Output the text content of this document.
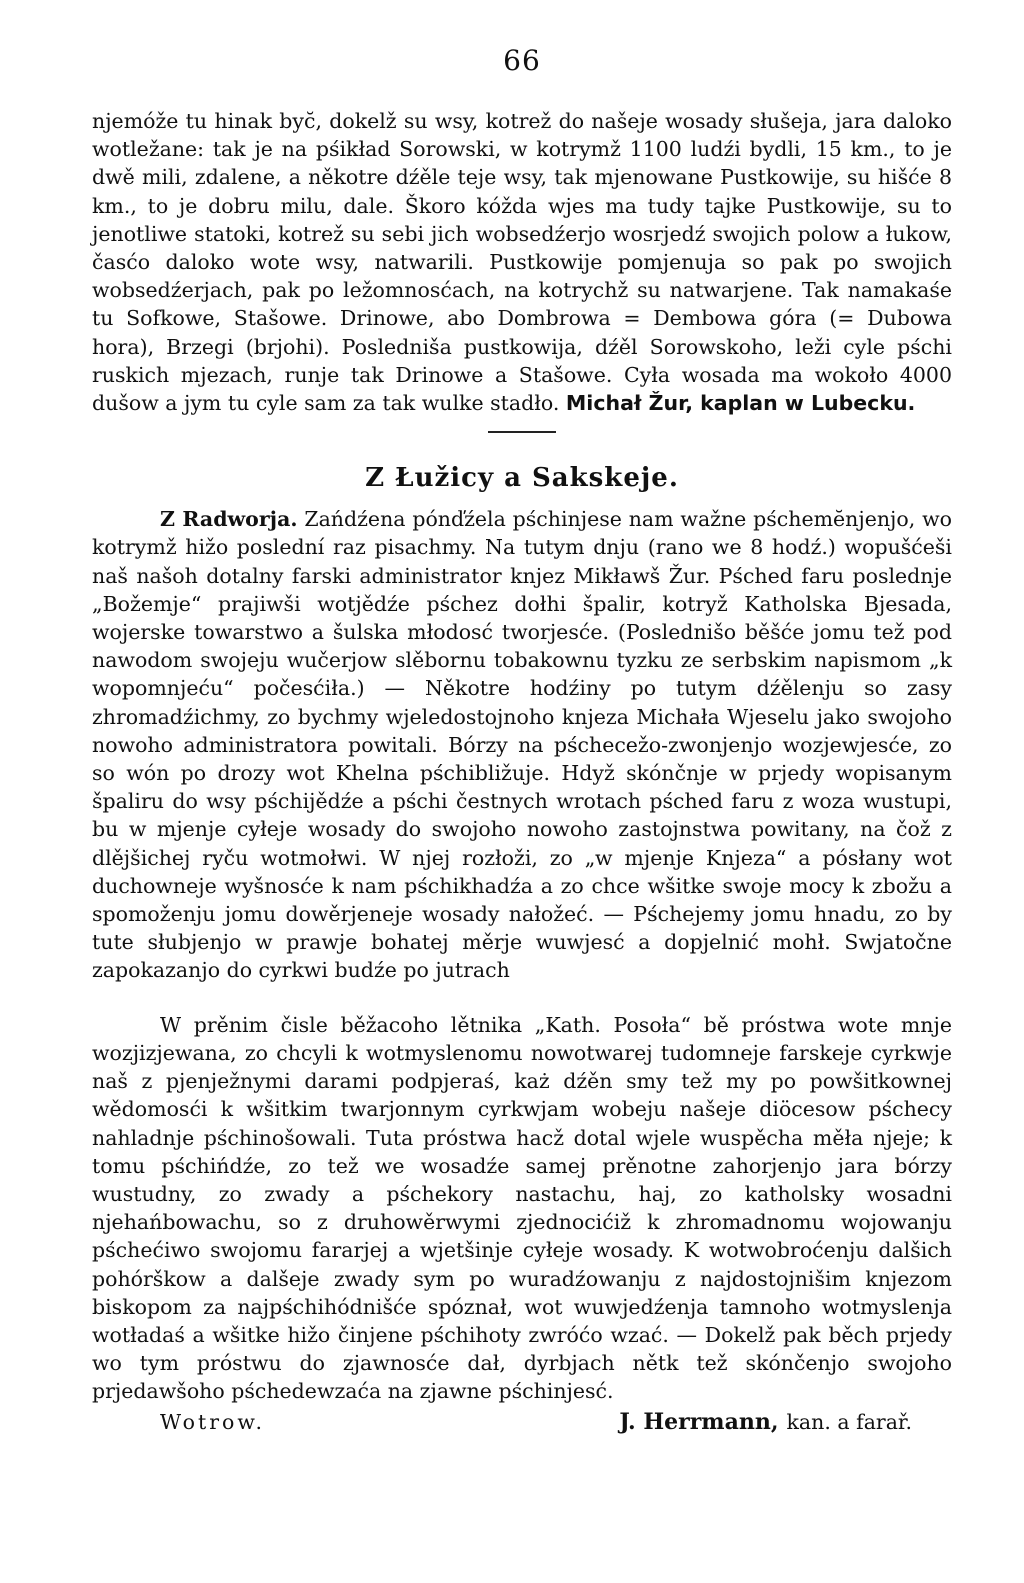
66

njemóže tu hinak byc̆, dokelž su wsy, kotrež do našeje wosady słušeja, jara daloko wotležane: tak je na pśikład Sorowski, w kotrymž 1100 ludźi bydli, 15 km., to je dwě mili, zdalene, a někotre dźěle teje wsy, tak mjenowane Pustkowije, su hišće 8 km., to je dobru milu, dale. Škoro kóžda wjes ma tudy tajke Pustkowije, su to jenotliwe statoki, kotrež su sebi jich wobsedźerjo wosrjedź swojich polow a łukow, časćo daloko wote wsy, natwarili. Pustkowije pomjenuja so pak po swojich wobsedźerjach, pak po ležomnosćach, na kotrychž su natwarjene. Tak namakaśe tu Sofkowe, Stašowe. Drinowe, abo Dombrowa = Dembowa góra (= Dubowa hora), Brzegi (brjohi). Posledniša pustkowija, dźěl Sorowskoho, leži cyle pśchi ruskich mjezach, runje tak Drinowe a Stašowe. Cyła wosada ma wokoło 4000 dušow a jym tu cyle sam za tak wulke stadło. Michał Žur, kaplan w Lubecku.

Z Łužicy a Sakskeje.

Z Radworja. Zańdźena pónďźela pśchinjese nam wažne pśchemĕnjenjo, wo kotrymž hižo poslední raz pisachmy. Na tutym dnju (rano we 8 hodź.) wopušćeši naš našoh dotalny farski administrator knjez Mikławš Žur. Pśched faru poslednje „Božemje“ prajiwši wotjědźe pśchez dołhi špalir, kotryž Katholska Bjesada, wojerske towarstwo a šulska młodosć tworjesće. (Poslednišo běšće jomu tež pod nawodom swojeju wučerjow slěbornu tobakownu tyzku ze serbskim napismom „k wopomnjeću“ počesćiła.) — Někotre hodźiny po tutym dźělenju so zasy zhromadźichmy, zo bychmy wjeledostojnoho knjeza Michała Wjeselu jako swojoho nowoho administratora powitali. Bórzy na pśchecežo-zwonjenjo wozjewjesće, zo so wón po drozy wot Khelna pśchibližuje. Hdyž skónčnje w prjedy wopisanym špaliru do wsy pśchijědźe a pśchi čestnych wrotach pśched faru z woza wustupi, bu w mjenje cyłeje wosady do swojoho nowoho zastojnstwa powitany, na čož z dlějšichej ryču wotmołwi. W njej rozłoži, zo „w mjenje Knjeza“ a pósłany wot duchowneje wyšnosće k nam pśchikhadźa a zo chce wšitke swoje mocy k zbožu a spomoženju jomu dowěrjeneje wosady nałožeć. — Pśchejemy jomu hnadu, zo by tute słubjenjo w prawje bohatej měrje wuwjesć a dopjelnić mohł. Swjatočne zapokazanjo do cyrkwi budźe po jutrach

W prěnim čisle běžacoho lětnika „Kath. Posoła“ bě próstwa wote mnje wozjizjewana, zo chcyli k wotmyslenomu nowotwarej tudomneje farskeje cyrkwje naš z pjenježnymi darami podpjeraś, każ dźěn smy tež my po powšitkownej wědomosći k wšitkim twarjonnym cyrkwjam wobeju našeje diöcesow pśchecy nahladnje pśchinošowali. Tuta próstwa hacž dotal wjele wuspěcha měła njeje; k tomu pśchińdźe, zo tež we wosadźe samej prěnotne zahorjenjo jara bórzy wustudny, zo zwady a pśchekory nastachu, haj, zo katholsky wosadni njehańbowachu, so z druhowěrwymi zjednocićiž k zhromadnomu wojowanju pśchećiwo swojomu fararjej a wjetšinje cyłeje wosady. K wotwobroćenju dalšich pohórškow a dalšeje zwady sym po wuradźowanju z najdostojnišim knjezom biskopom za najpśchihódnišće spóznał, wot wuwjedźenja tamnoho wotmyslenja wotładaś a wšitke hižo činjene pśchihoty zwróćo wzać. — Dokelž pak běch prjedy wo tym próstwu do zjawnosće dał, dyrbjach nětk tež skónčenjo swojoho prjedawšoho pśchedewzaća na zjawne pśchinjesć.

Wotrow.	J. Herrmann, kan. a farař.
